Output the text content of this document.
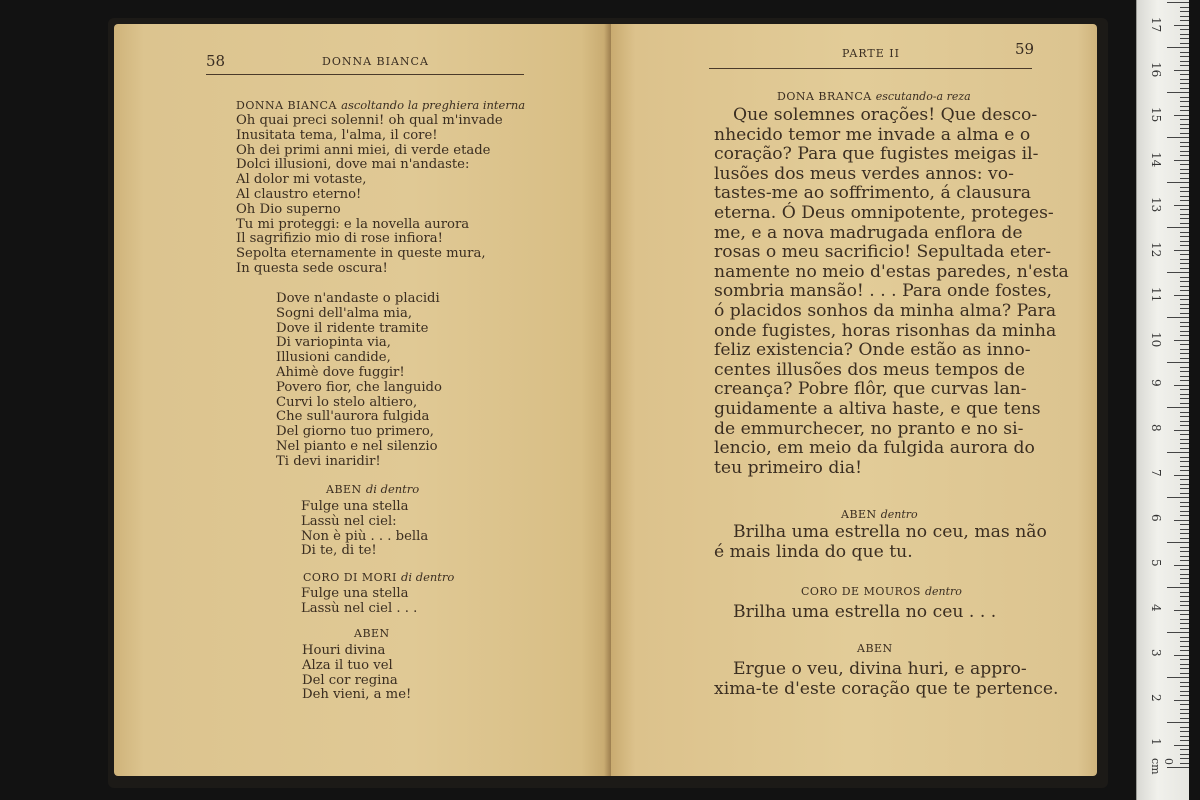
58	DONNA BIANCA
DONNA BIANCA ascoltando la preghiera interna
Oh quai preci solenni! oh qual m'invade
Inusitata tema, l'alma, il core!
Oh dei primi anni miei, di verde etade
Dolci illusioni, dove mai n'andaste:
Al dolor mi votaste,
Al claustro eterno!
Oh Dio superno
Tu mi proteggi: e la novella aurora
Il sagrifizio mio di rose infiora!
Sepolta eternamente in queste mura,
In questa sede oscura!
Dove n'andaste o placidi
Sogni dell'alma mia,
Dove il ridente tramite
Di variopinta via,
Illusioni candide,
Ahimè dove fuggir!
Povero fior, che languido
Curvi lo stelo altiero,
Che sull'aurora fulgida
Del giorno tuo primero,
Nel pianto e nel silenzio
Ti devi inaridir!
ABEN di dentro
Fulge una stella
Lassù nel ciel:
Non è più . . . bella
Di te, di te!
CORO DI MORI di dentro
Fulge una stella
Lassù nel ciel . . .
ABEN
Houri divina
Alza il tuo vel
Del cor regina
Deh vieni, a me!
PARTE II	59
DONA BRANCA escutando-a reza
Que solemnes orações! Que desco-
nhecido temor me invade a alma e o
coração? Para que fugistes meigas il-
lusões dos meus verdes annos: vo-
tastes-me ao soffrimento, á clausura
eterna. Ó Deus omnipotente, proteges-
me, e a nova madrugada enflora de
rosas o meu sacrificio! Sepultada eter-
namente no meio d'estas paredes, n'esta
sombria mansão! . . . Para onde fostes,
ó placidos sonhos da minha alma? Para
onde fugistes, horas risonhas da minha
feliz existencia? Onde estão as inno-
centes illusões dos meus tempos de
creança? Pobre flôr, que curvas lan-
guidamente a altiva haste, e que tens
de emmurchecer, no pranto e no si-
lencio, em meio da fulgida aurora do
teu primeiro dia!
ABEN dentro
Brilha uma estrella no ceu, mas não
é mais linda do que tu.
CORO DE MOUROS dentro
Brilha uma estrella no ceu . . .
ABEN
Ergue o veu, divina huri, e appro-
xima-te d'este coração que te pertence.
0 cm
1
2
3
4
5
6
7
8
9
10
11
12
13
14
15
16
17
